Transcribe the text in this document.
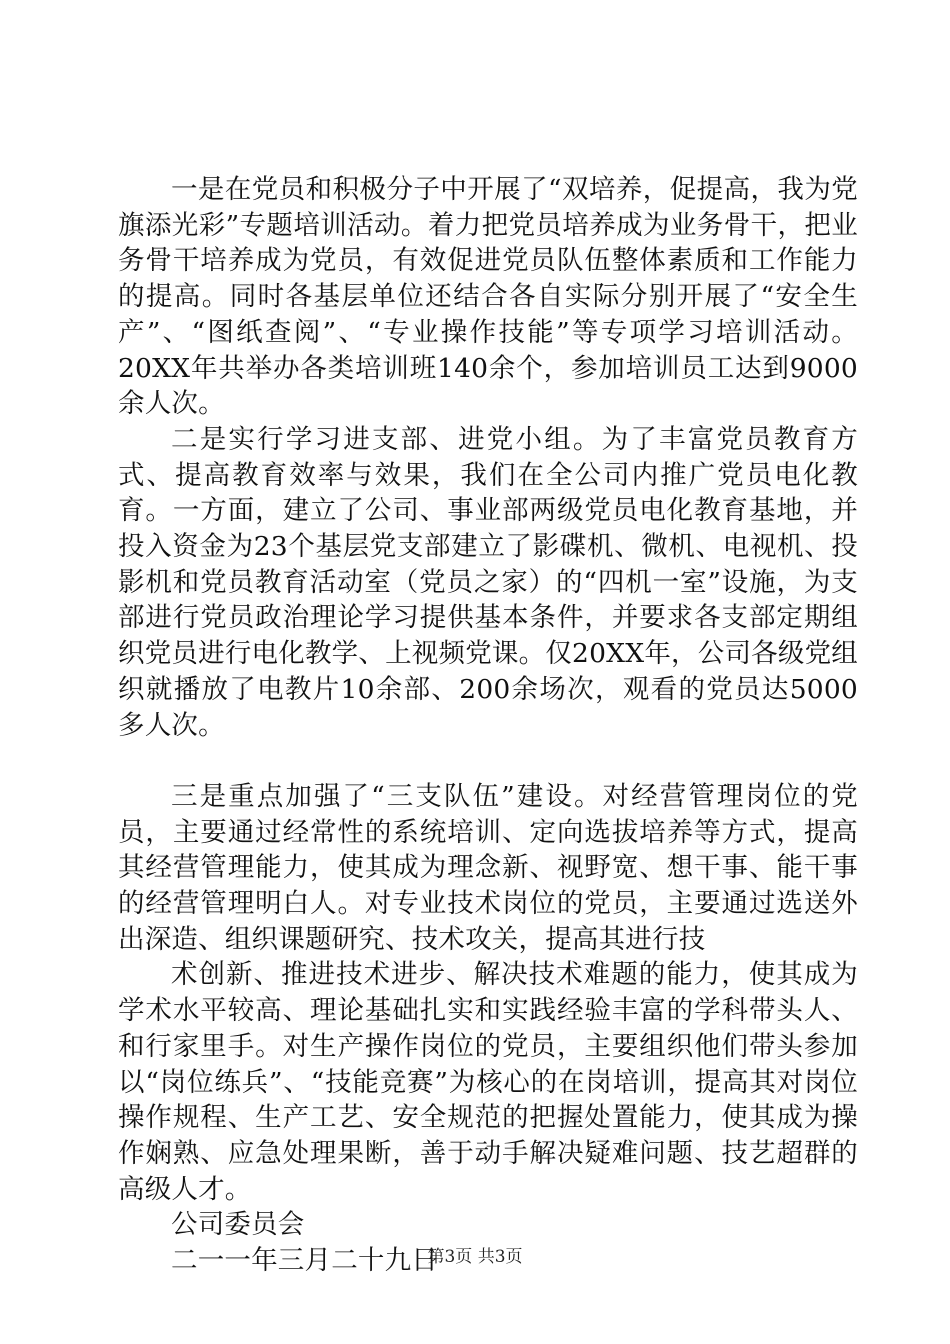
一是在党员和积极分子中开展了“双培养，促提高，我为党旗添光彩”专题培训活动。着力把党员培养成为业务骨干，把业务骨干培养成为党员，有效促进党员队伍整体素质和工作能力的提高。同时各基层单位还结合各自实际分别开展了“安全生产”、“图纸查阅”、“专业操作技能”等专项学习培训活动。20XX年共举办各类培训班140余个，参加培训员工达到9000余人次。

二是实行学习进支部、进党小组。为了丰富党员教育方式、提高教育效率与效果，我们在全公司内推广党员电化教育。一方面，建立了公司、事业部两级党员电化教育基地，并投入资金为23个基层党支部建立了影碟机、微机、电视机、投影机和党员教育活动室（党员之家）的“四机一室”设施，为支部进行党员政治理论学习提供基本条件，并要求各支部定期组织党员进行电化教学、上视频党课。仅20XX年，公司各级党组织就播放了电教片10余部、200余场次，观看的党员达5000多人次。

三是重点加强了“三支队伍”建设。对经营管理岗位的党员，主要通过经常性的系统培训、定向选拔培养等方式，提高其经营管理能力，使其成为理念新、视野宽、想干事、能干事的经营管理明白人。对专业技术岗位的党员，主要通过选送外出深造、组织课题研究、技术攻关，提高其进行技

术创新、推进技术进步、解决技术难题的能力，使其成为学术水平较高、理论基础扎实和实践经验丰富的学科带头人、和行家里手。对生产操作岗位的党员，主要组织他们带头参加以“岗位练兵”、“技能竞赛”为核心的在岗培训，提高其对岗位操作规程、生产工艺、安全规范的把握处置能力，使其成为操作娴熟、应急处理果断，善于动手解决疑难问题、技艺超群的高级人才。

公司委员会

二一一年三月二十九日

第3页 共3页
